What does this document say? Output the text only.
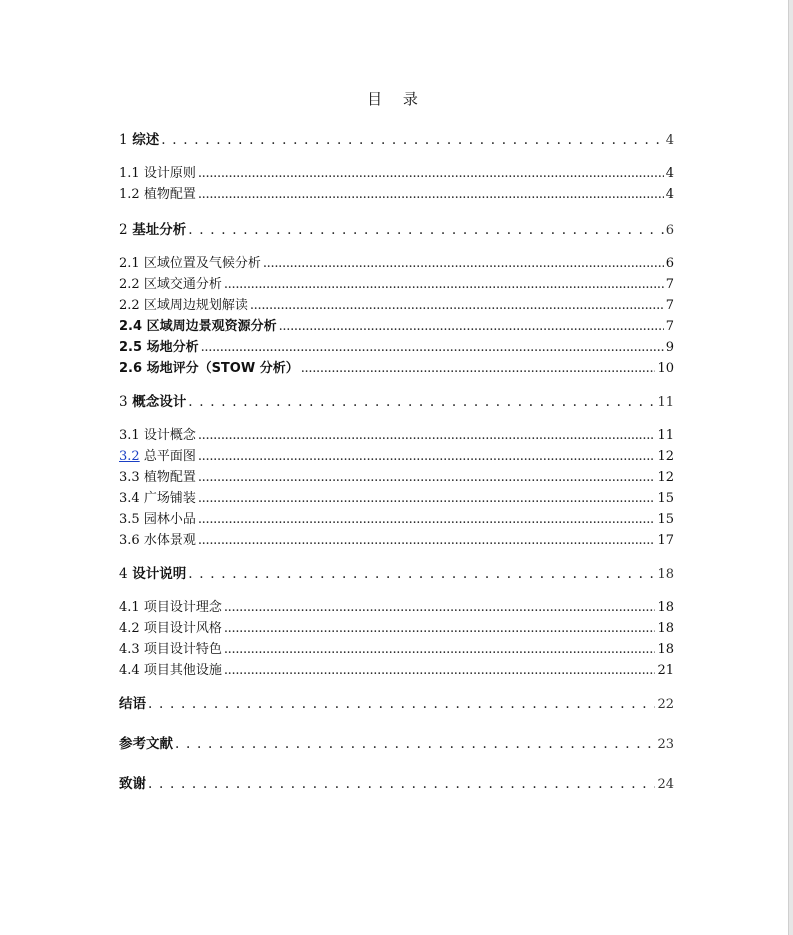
目 录
1 综述 . . .	4
1.1 设计原则 .....	4
1.2 植物配置 .....	4
2 基址分析 . . .	6
2.1 区域位置及气候分析 .....	6
2.2 区域交通分析 .....	7
2.2 区域周边规划解读 .....	7
2.4 区域周边景观资源分析 .....	7
2.5 场地分析 .....	9
2.6 场地评分（STOW 分析） .....	10
3 概念设计 . . .	11
3.1 设计概念 .....	11
3.2 总平面图 .....	12
3.3 植物配置 .....	12
3.4 广场铺装 .....	15
3.5 园林小品 .....	15
3.6 水体景观 .....	17
4 设计说明 . . .	18
4.1 项目设计理念 .....	18
4.2 项目设计风格 .....	18
4.3 项目设计特色 .....	18
4.4 项目其他设施 .....	21
结语 . . .	22
参考文献 . . .	23
致谢 . . .	24
